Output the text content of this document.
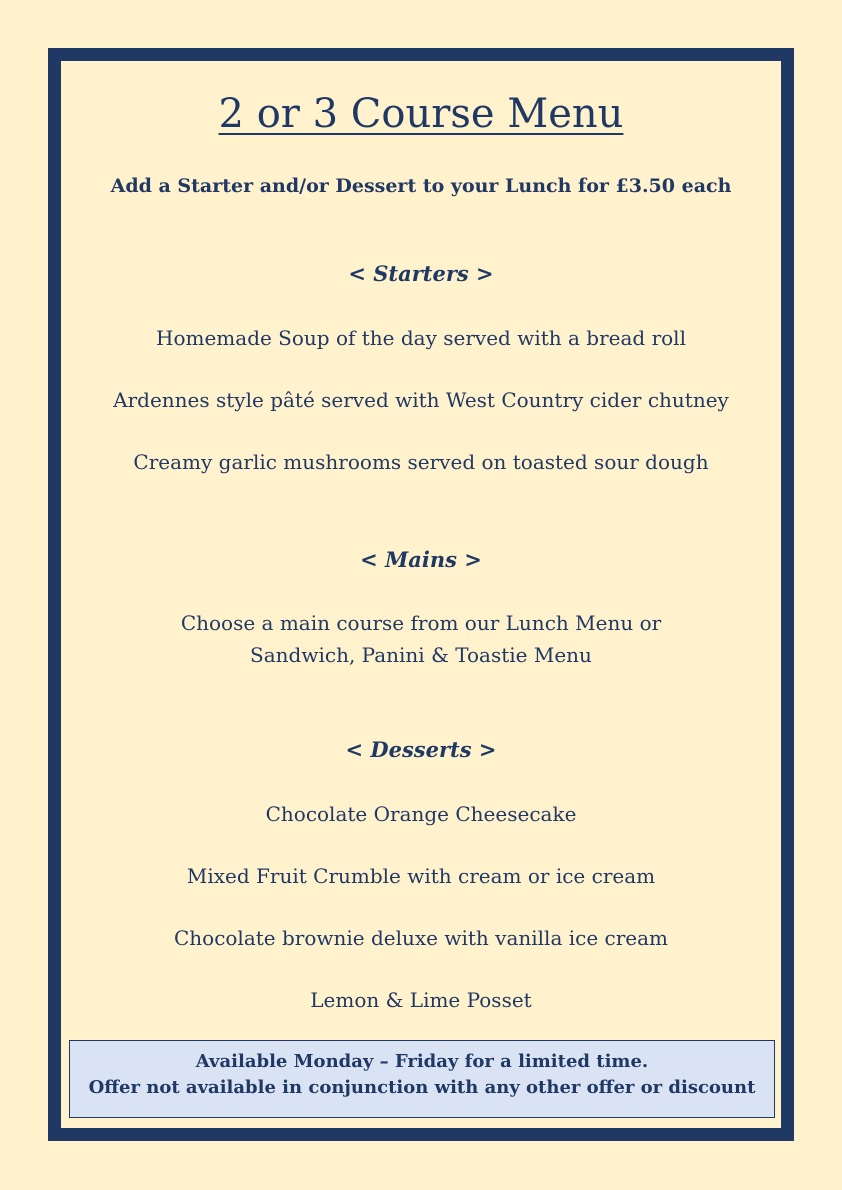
2 or 3 Course Menu

Add a Starter and/or Dessert to your Lunch for £3.50 each

< Starters >

Homemade Soup of the day served with a bread roll

Ardennes style pâté served with West Country cider chutney

Creamy garlic mushrooms served on toasted sour dough

< Mains >

Choose a main course from our Lunch Menu or

Sandwich, Panini & Toastie Menu

< Desserts >

Chocolate Orange Cheesecake

Mixed Fruit Crumble with cream or ice cream

Chocolate brownie deluxe with vanilla ice cream

Lemon & Lime Posset

Available Monday – Friday for a limited time.
Offer not available in conjunction with any other offer or discount
